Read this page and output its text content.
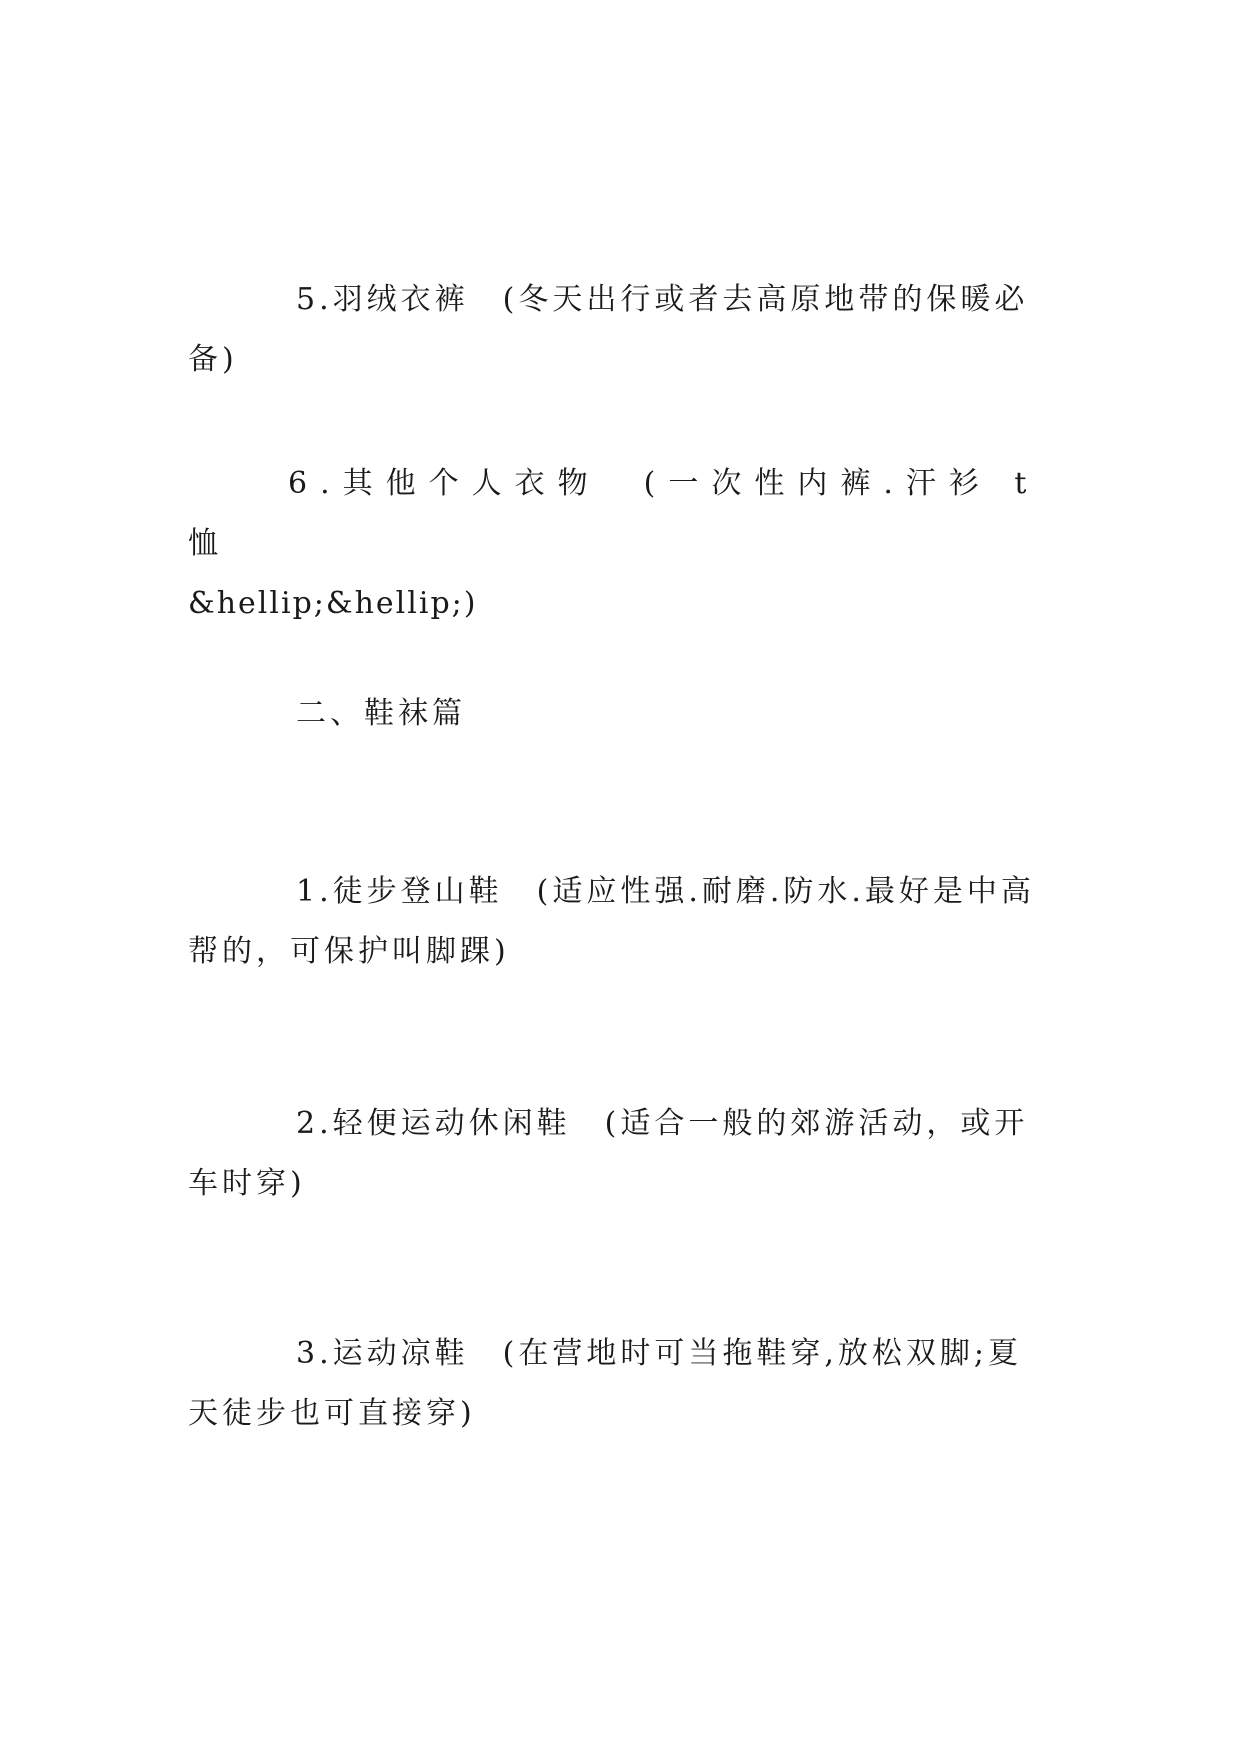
5.羽绒衣裤　(冬天出行或者去高原地带的保暖必备)

6.其他个人衣物　(一次性内裤.汗衫 t 恤
&hellip;&hellip;)

二、鞋袜篇

1.徒步登山鞋　(适应性强.耐磨.防水.最好是中高帮的，可保护叫脚踝)

2.轻便运动休闲鞋　(适合一般的郊游活动，或开车时穿)

3.运动凉鞋　(在营地时可当拖鞋穿,放松双脚;夏天徒步也可直接穿)
